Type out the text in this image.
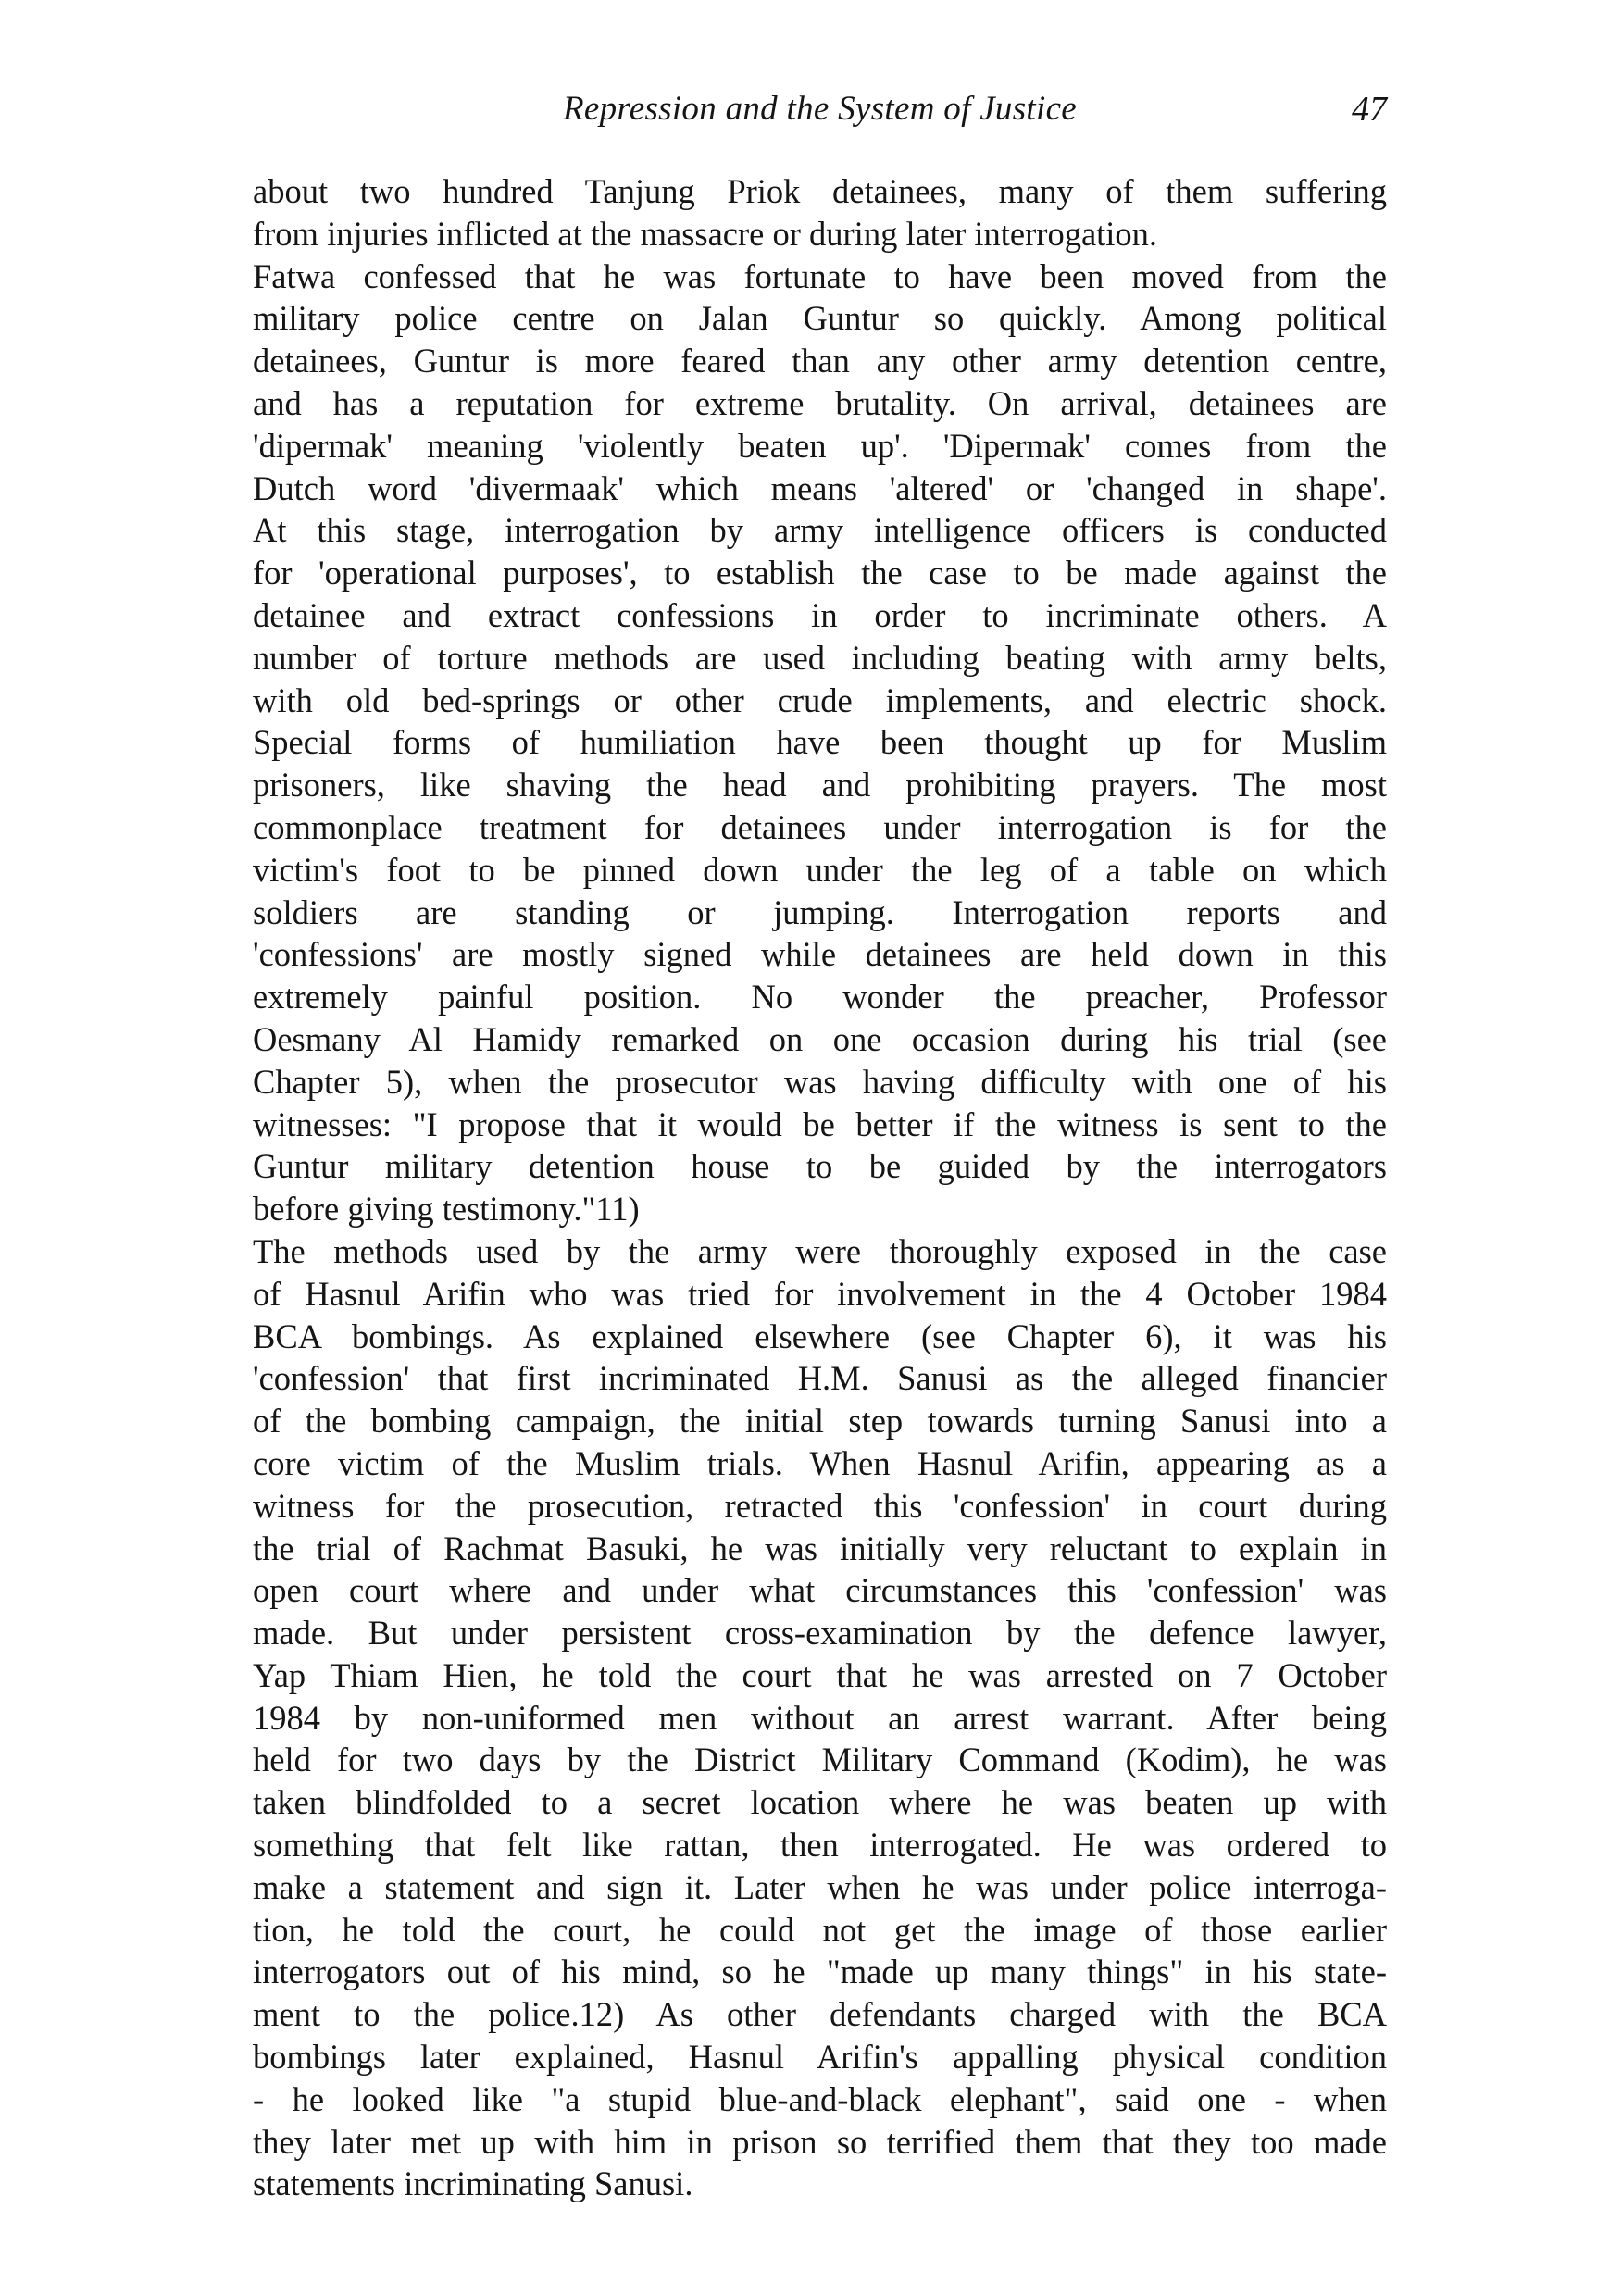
Repression and the System of Justice	47
about two hundred Tanjung Priok detainees, many of them suffering
from injuries inflicted at the massacre or during later interrogation.
Fatwa confessed that he was fortunate to have been moved from the
military police centre on Jalan Guntur so quickly. Among political
detainees, Guntur is more feared than any other army detention centre,
and has a reputation for extreme brutality. On arrival, detainees are
'dipermak' meaning 'violently beaten up'. 'Dipermak' comes from the
Dutch word 'divermaak' which means 'altered' or 'changed in shape'.
At this stage, interrogation by army intelligence officers is conducted
for 'operational purposes', to establish the case to be made against the
detainee and extract confessions in order to incriminate others. A
number of torture methods are used including beating with army belts,
with old bed-springs or other crude implements, and electric shock.
Special forms of humiliation have been thought up for Muslim
prisoners, like shaving the head and prohibiting prayers. The most
commonplace treatment for detainees under interrogation is for the
victim's foot to be pinned down under the leg of a table on which
soldiers are standing or jumping. Interrogation reports and
'confessions' are mostly signed while detainees are held down in this
extremely painful position. No wonder the preacher, Professor
Oesmany Al Hamidy remarked on one occasion during his trial (see
Chapter 5), when the prosecutor was having difficulty with one of his
witnesses: "I propose that it would be better if the witness is sent to the
Guntur military detention house to be guided by the interrogators
before giving testimony."11)
The methods used by the army were thoroughly exposed in the case
of Hasnul Arifin who was tried for involvement in the 4 October 1984
BCA bombings. As explained elsewhere (see Chapter 6), it was his
'confession' that first incriminated H.M. Sanusi as the alleged financier
of the bombing campaign, the initial step towards turning Sanusi into a
core victim of the Muslim trials. When Hasnul Arifin, appearing as a
witness for the prosecution, retracted this 'confession' in court during
the trial of Rachmat Basuki, he was initially very reluctant to explain in
open court where and under what circumstances this 'confession' was
made. But under persistent cross-examination by the defence lawyer,
Yap Thiam Hien, he told the court that he was arrested on 7 October
1984 by non-uniformed men without an arrest warrant. After being
held for two days by the District Military Command (Kodim), he was
taken blindfolded to a secret location where he was beaten up with
something that felt like rattan, then interrogated. He was ordered to
make a statement and sign it. Later when he was under police interroga-
tion, he told the court, he could not get the image of those earlier
interrogators out of his mind, so he "made up many things" in his state-
ment to the police.12) As other defendants charged with the BCA
bombings later explained, Hasnul Arifin's appalling physical condition
- he looked like "a stupid blue-and-black elephant", said one - when
they later met up with him in prison so terrified them that they too made
statements incriminating Sanusi.
